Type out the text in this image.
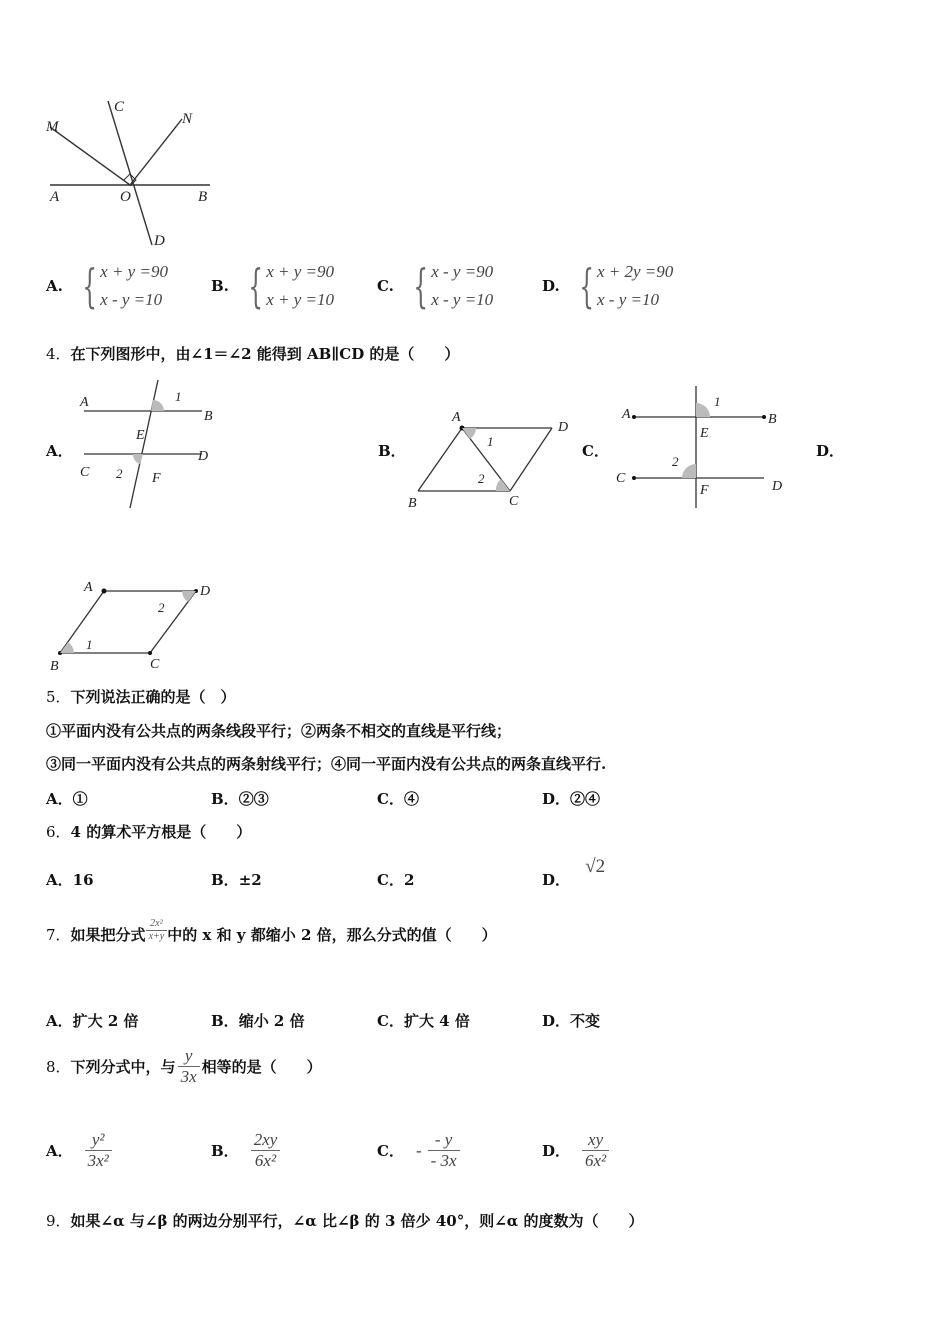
M
C
N
A	O	B
D
A. { x + y =90
x - y =10
B. { x + y =90
x + y =10
C. { x - y =90
x - y =10
D. { x + 2y =90
x - y =10
4．在下列图形中，由∠1＝∠2 能得到 AB∥CD 的是（　　）
A．
A	1
B
E
C 2 F
D	B．
A
D
1
2
B	C
C．
A
1
B
E
2
C
F	D
D．
A	D
2
1
B	C
5．下列说法正确的是（　）
①平面内没有公共点的两条线段平行；②两条不相交的直线是平行线；
③同一平面内没有公共点的两条射线平行；④同一平面内没有公共点的两条直线平行.
A．①	B．②③	C．④	D．②④
6．4 的算术平方根是（　　）
A．16	B．±2	C．2	D． √2
7． 如果把分式 $\frac{\text{2x²}}{x+y}$ 中的 x 和 y 都缩小 2 倍，那么分式的值（　　）
A．扩大 2 倍	B．缩小 2 倍	C．扩大 4 倍	D．不变
8． 下列分式中，与 $\frac{y}{3x}$ 相等的是（　　）
A． $\frac{\text{y²}}{\text{3x²}}$	B． $\frac{2xy}{\text{6x²}}$	C． - $\frac{- y}{- 3x}$	D． $\frac{xy}{\text{6x²}}$
9．如果∠α 与∠β 的两边分别平行，∠α 比∠β 的 3 倍少 40°，则∠α 的度数为（　　）
